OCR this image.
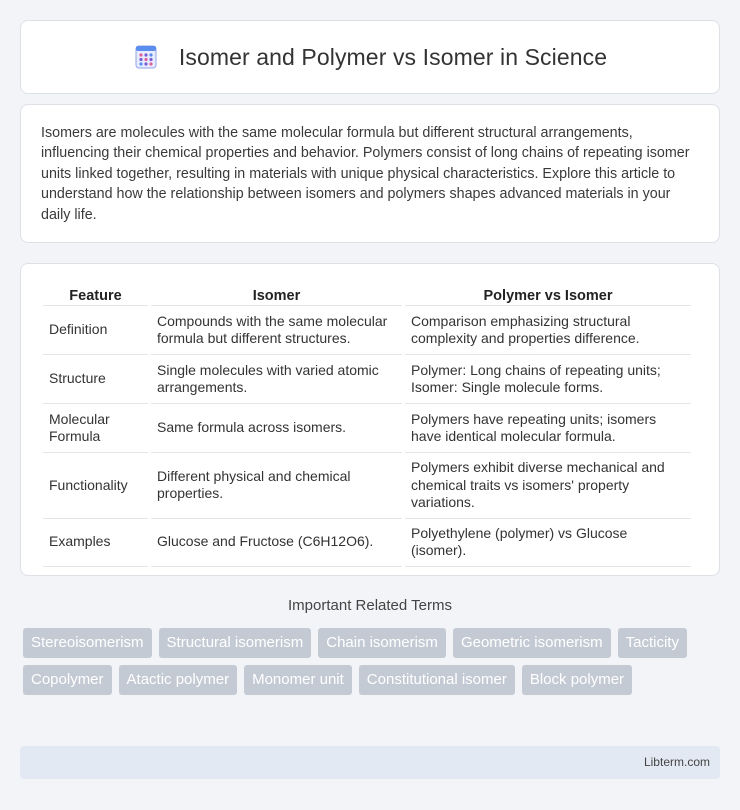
Isomer and Polymer vs Isomer in Science

Isomers are molecules with the same molecular formula but different structural arrangements, influencing their chemical properties and behavior. Polymers consist of long chains of repeating isomer units linked together, resulting in materials with unique physical characteristics. Explore this article to understand how the relationship between isomers and polymers shapes advanced materials in your daily life.

Feature	Isomer	Polymer vs Isomer
Definition	Compounds with the same molecular formula but different structures.	Comparison emphasizing structural complexity and properties difference.
Structure	Single molecules with varied atomic arrangements.	Polymer: Long chains of repeating units; Isomer: Single molecule forms.
Molecular Formula	Same formula across isomers.	Polymers have repeating units; isomers have identical molecular formula.
Functionality	Different physical and chemical properties.	Polymers exhibit diverse mechanical and chemical traits vs isomers' property variations.
Examples	Glucose and Fructose (C6H12O6).	Polyethylene (polymer) vs Glucose (isomer).
Important Related Terms
Stereoisomerism	Structural isomerism	Chain isomerism	Geometric isomerism	Tacticity
Copolymer	Atactic polymer	Monomer unit	Constitutional isomer	Block polymer
Libterm.com
